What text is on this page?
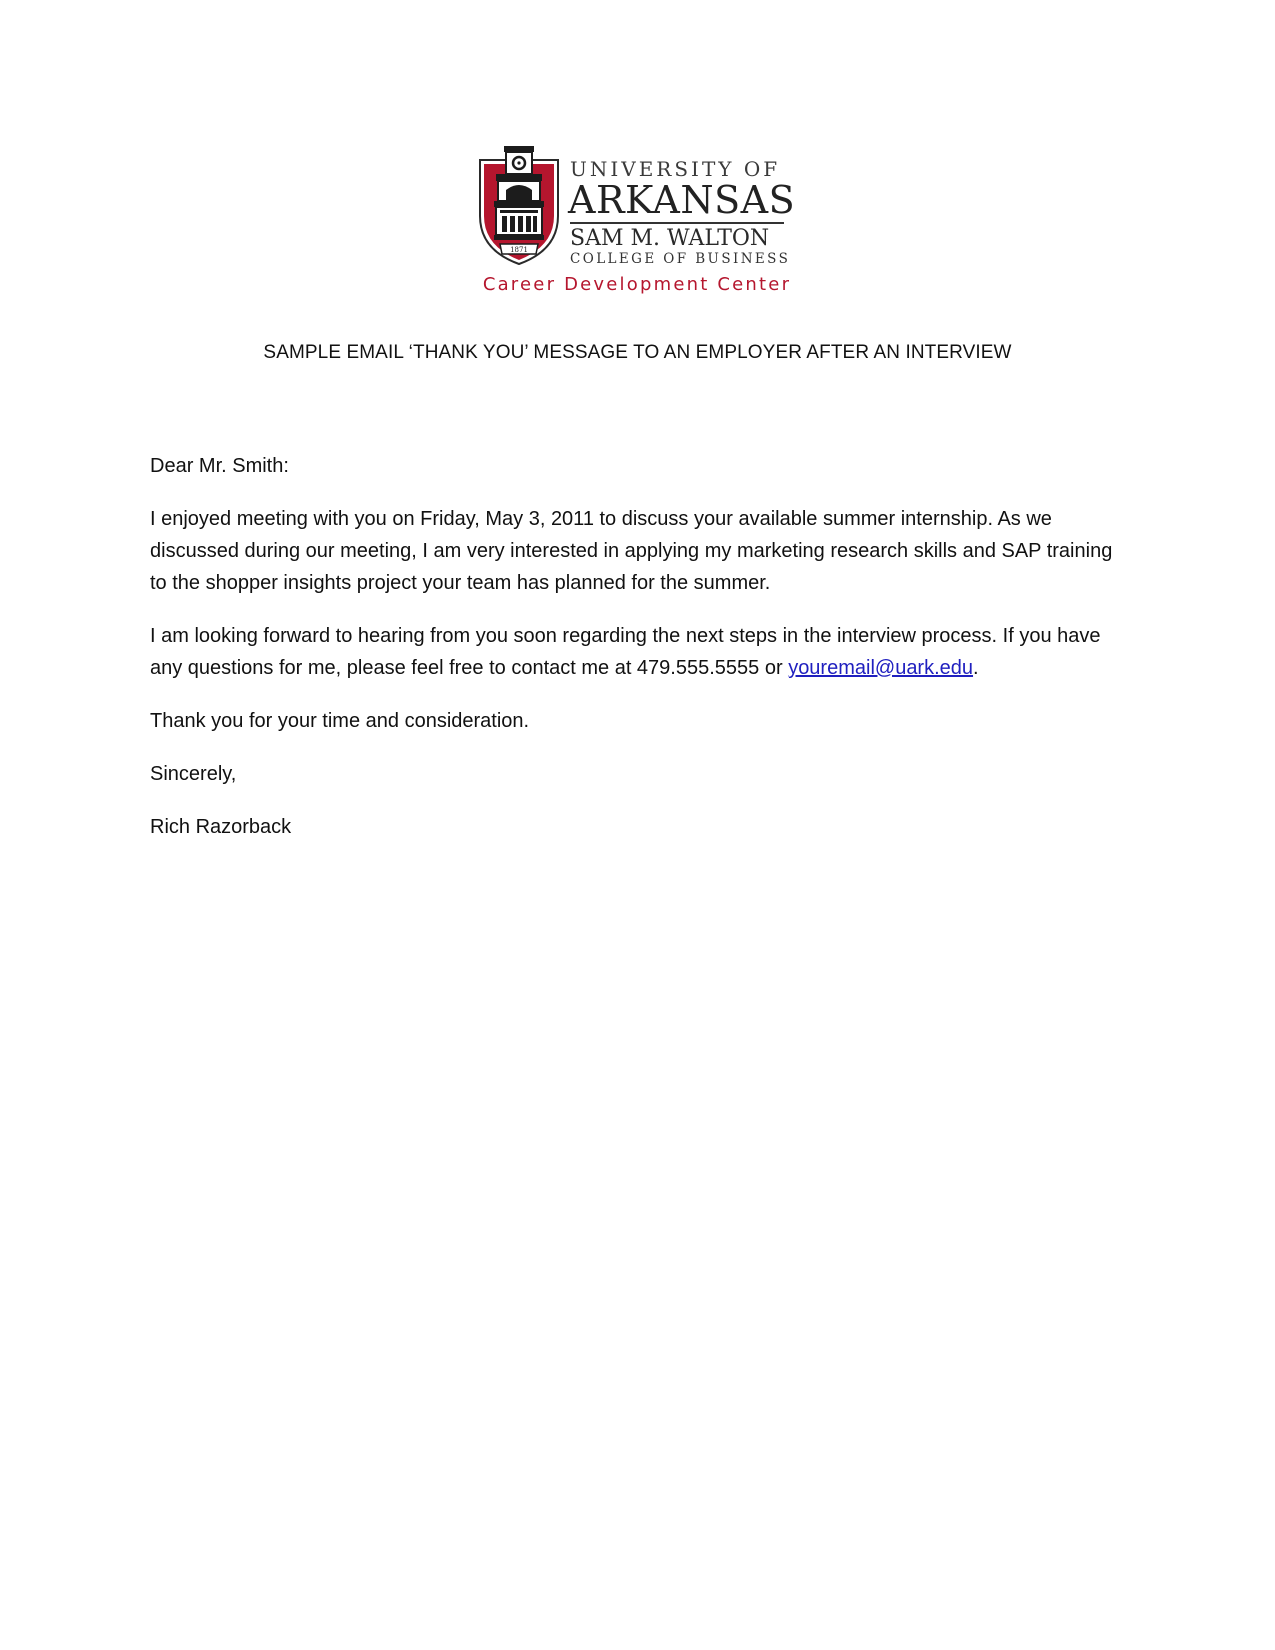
1871
UNIVERSITY OF
ARKANSAS
SAM M. WALTON
COLLEGE OF BUSINESS
Career Development Center
SAMPLE EMAIL ‘THANK YOU’ MESSAGE TO AN EMPLOYER AFTER AN INTERVIEW

Dear Mr. Smith:

I enjoyed meeting with you on Friday, May 3, 2011 to discuss your available summer internship. As we discussed during our meeting, I am very interested in applying my marketing research skills and SAP training to the shopper insights project your team has planned for the summer.

I am looking forward to hearing from you soon regarding the next steps in the interview process. If you have any questions for me, please feel free to contact me at 479.555.5555 or youremail@uark.edu.

Thank you for your time and consideration.

Sincerely,

Rich Razorback
